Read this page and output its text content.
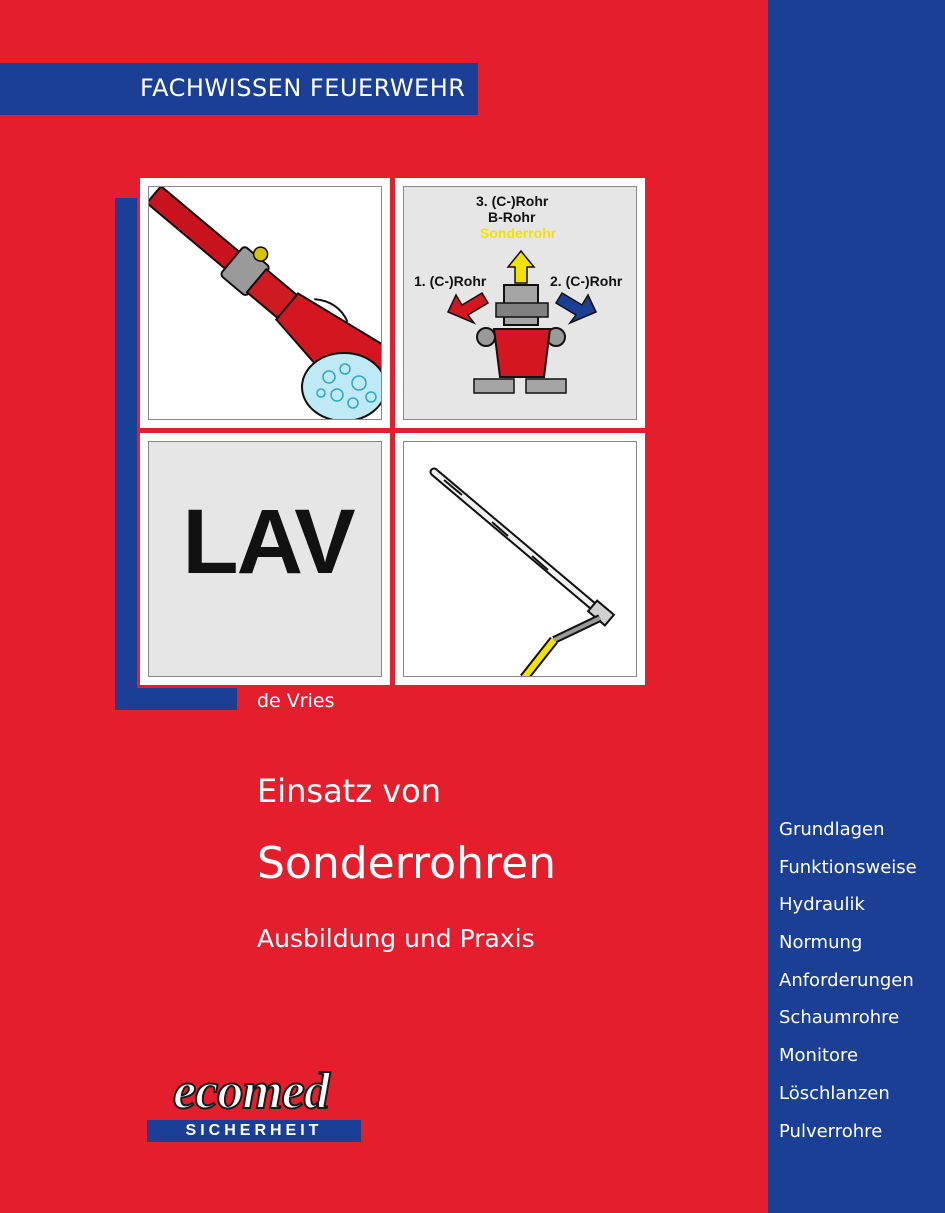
FACHWISSEN FEUERWEHR
3. (C-)Rohr
B-Rohr
Sonderrohr
1. (C-)Rohr	2. (C-)Rohr
LAV
de Vries
Einsatz von
Sonderrohren
Ausbildung und Praxis
Grundlagen
Funktionsweise
Hydraulik
Normung
Anforderungen
Schaumrohre
Monitore
Löschlanzen
Pulverrohre
ecomed
SICHERHEIT
